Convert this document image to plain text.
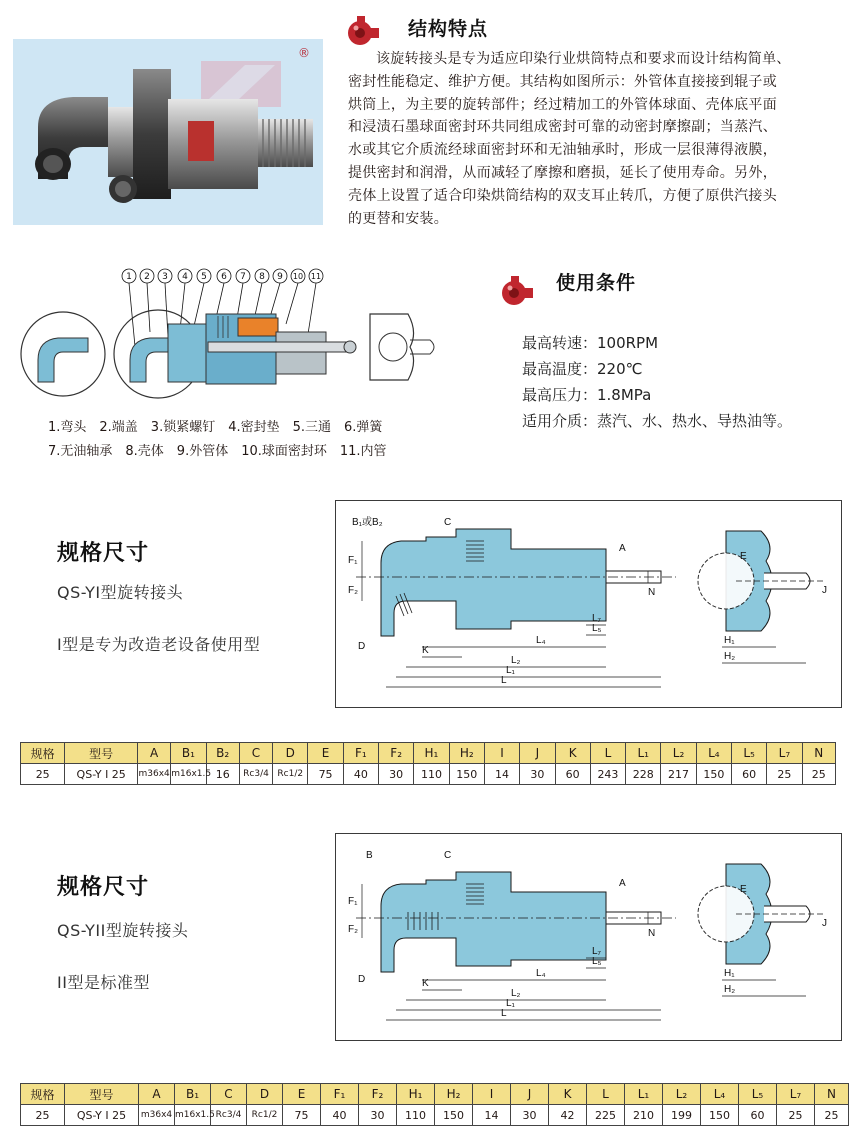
®
结构特点
该旋转接头是专为适应印染行业烘筒特点和要求而设计结构简单、
密封性能稳定、维护方便。其结构如图所示：外管体直接接到辊子或
烘筒上，为主要的旋转部件；经过精加工的外管体球面、壳体底平面
和浸渍石墨球面密封环共同组成密封可靠的动密封摩擦副；当蒸汽、
水或其它介质流经球面密封环和无油轴承时，形成一层很薄得液膜，
提供密封和润滑，从而减轻了摩擦和磨损，延长了使用寿命。另外，
壳体上设置了适合印染烘筒结构的双支耳止转爪，方便了原供汽接头
的更替和安装。
1 2 3 4 5 6 7 8 9 10 11
1.弯头　2.端盖　3.锁紧螺钉　4.密封垫　5.三通　6.弹簧
7.无油轴承　8.壳体　9.外管体　10.球面密封环　11.内管
使用条件
最高转速：100RPM
最高温度：220℃
最高压力：1.8MPa
适用介质：蒸汽、水、热水、导热油等。
规格尺寸
QS-YI型旋转接头
I型是专为改造老设备使用型
F₁
F₂
B₁或B₂	C
A
N
D	K
L₄
L₇
L₅
L₂
L₁
L
E
J
H₁
H₂
规格	型号	A	B₁	B₂	C	D	E	F₁	F₂	H₁	H₂	I	J	K	L	L₁	L₂	L₄	L₅	L₇	N
25	QS-Y I 25	m36x4	m16x1.5	16	Rc3/4	Rc1/2	75	40	30	110	150	14	30	60	243	228	217	150	60	25	25
规格尺寸
QS-YII型旋转接头
II型是标准型
F₁
F₂
B	C
A
N
D	K
L₄
L₇
L₅
L₂
L₁
L
E
J
H₁
H₂
规格	型号	A	B₁	C	D	E	F₁	F₂	H₁	H₂	I	J	K	L	L₁	L₂	L₄	L₅	L₇	N
25	QS-Y I 25	m36x4	m16x1.5	Rc3/4	Rc1/2	75	40	30	110	150	14	30	42	225	210	199	150	60	25	25
